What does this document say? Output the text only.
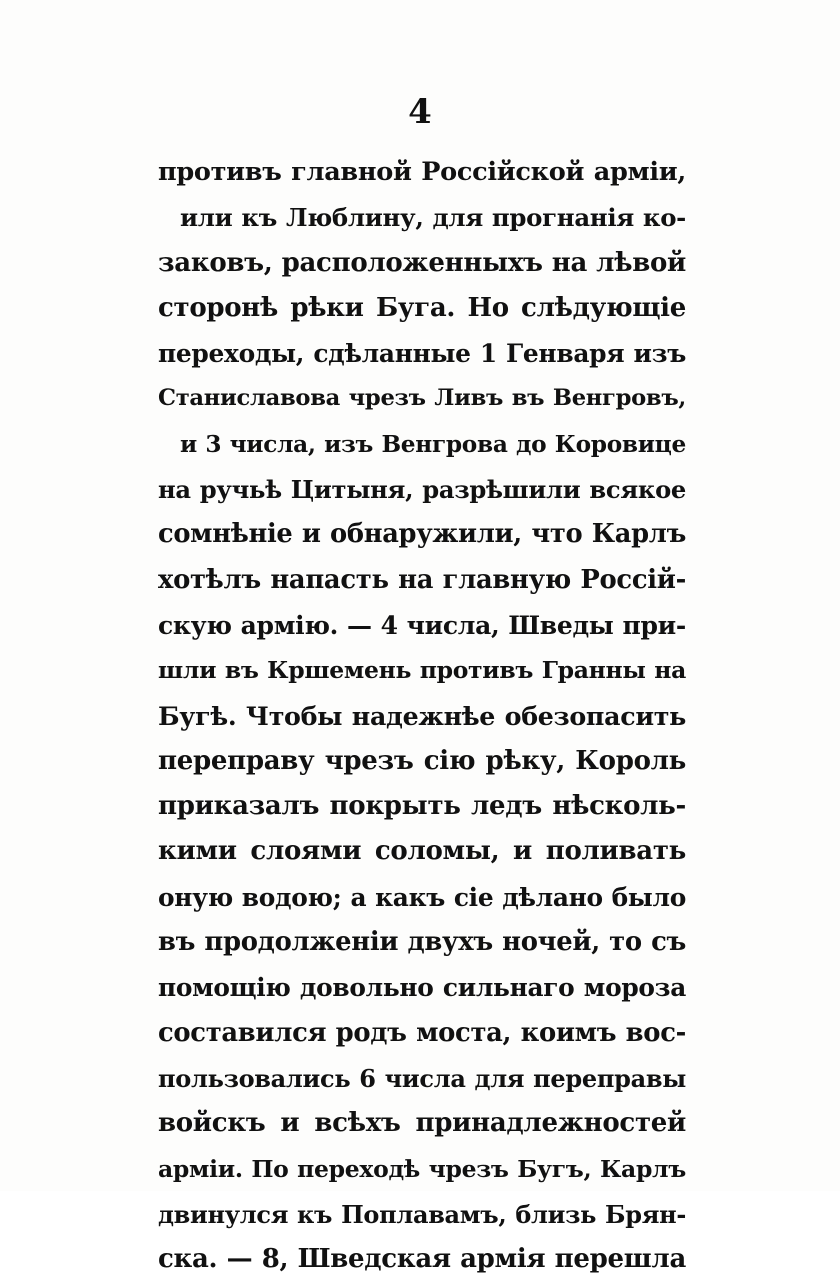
4
противъ главной Россійской арміи,
или къ Люблину, для прогнанія ко-
заковъ, расположенныхъ на лѣвой
сторонѣ рѣки Буга. Но слѣдующіе
переходы, сдѣланные 1 Генваря изъ
Станиславова чрезъ Ливъ въ Венгровъ,
и 3 числа, изъ Венгрова до Коровице
на ручьѣ Цитыня, разрѣшили всякое
сомнѣніе и обнаружили, что Карлъ
хотѣлъ напасть на главную Россій-
скую армію. — 4 числа, Шведы при-
шли въ Кршемень противъ Гранны на
Бугѣ. Чтобы надежнѣе обезопасить
переправу чрезъ сію рѣку, Король
приказалъ покрыть ледъ нѣсколь-
кими слоями соломы, и поливать
оную водою; а какъ сіе дѣлано было
въ продолженіи двухъ ночей, то съ
помощію довольно сильнаго мороза
составился родъ моста, коимъ вос-
пользовались 6 числа для переправы
войскъ и всѣхъ принадлежностей
арміи. По переходѣ чрезъ Бугъ, Карлъ
двинулся къ Поплавамъ, близь Брян-
ска. — 8, Шведская армія перешла
